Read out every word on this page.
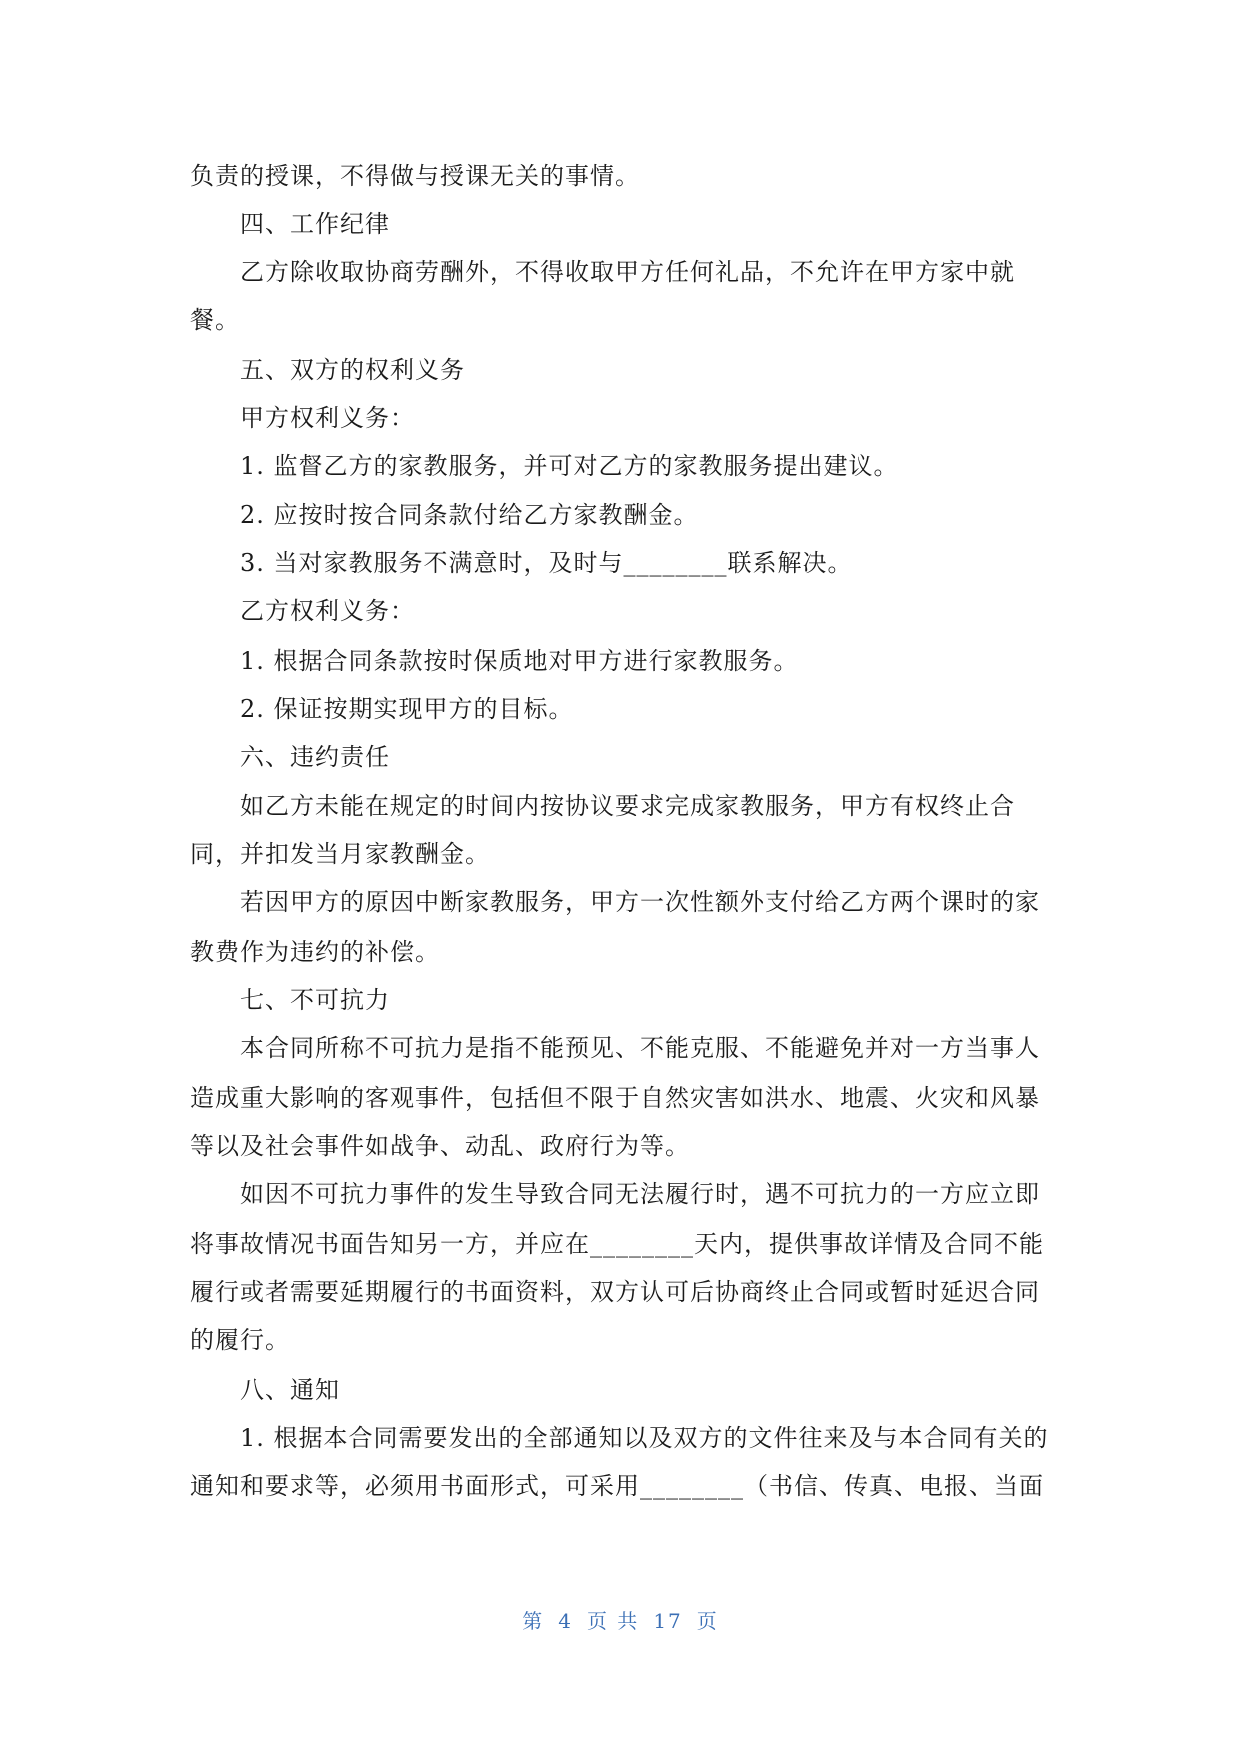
负责的授课，不得做与授课无关的事情。
四、工作纪律
乙方除收取协商劳酬外，不得收取甲方任何礼品，不允许在甲方家中就
餐。
五、双方的权利义务
甲方权利义务：
1. 监督乙方的家教服务，并可对乙方的家教服务提出建议。
2. 应按时按合同条款付给乙方家教酬金。
3. 当对家教服务不满意时，及时与________联系解决。
乙方权利义务：
1. 根据合同条款按时保质地对甲方进行家教服务。
2. 保证按期实现甲方的目标。
六、违约责任
如乙方未能在规定的时间内按协议要求完成家教服务，甲方有权终止合
同，并扣发当月家教酬金。
若因甲方的原因中断家教服务，甲方一次性额外支付给乙方两个课时的家
教费作为违约的补偿。
七、不可抗力
本合同所称不可抗力是指不能预见、不能克服、不能避免并对一方当事人
造成重大影响的客观事件，包括但不限于自然灾害如洪水、地震、火灾和风暴
等以及社会事件如战争、动乱、政府行为等。
如因不可抗力事件的发生导致合同无法履行时，遇不可抗力的一方应立即
将事故情况书面告知另一方，并应在________天内，提供事故详情及合同不能
履行或者需要延期履行的书面资料，双方认可后协商终止合同或暂时延迟合同
的履行。
八、通知
1. 根据本合同需要发出的全部通知以及双方的文件往来及与本合同有关的
通知和要求等，必须用书面形式，可采用________（书信、传真、电报、当面
第 4 页 共 17 页
